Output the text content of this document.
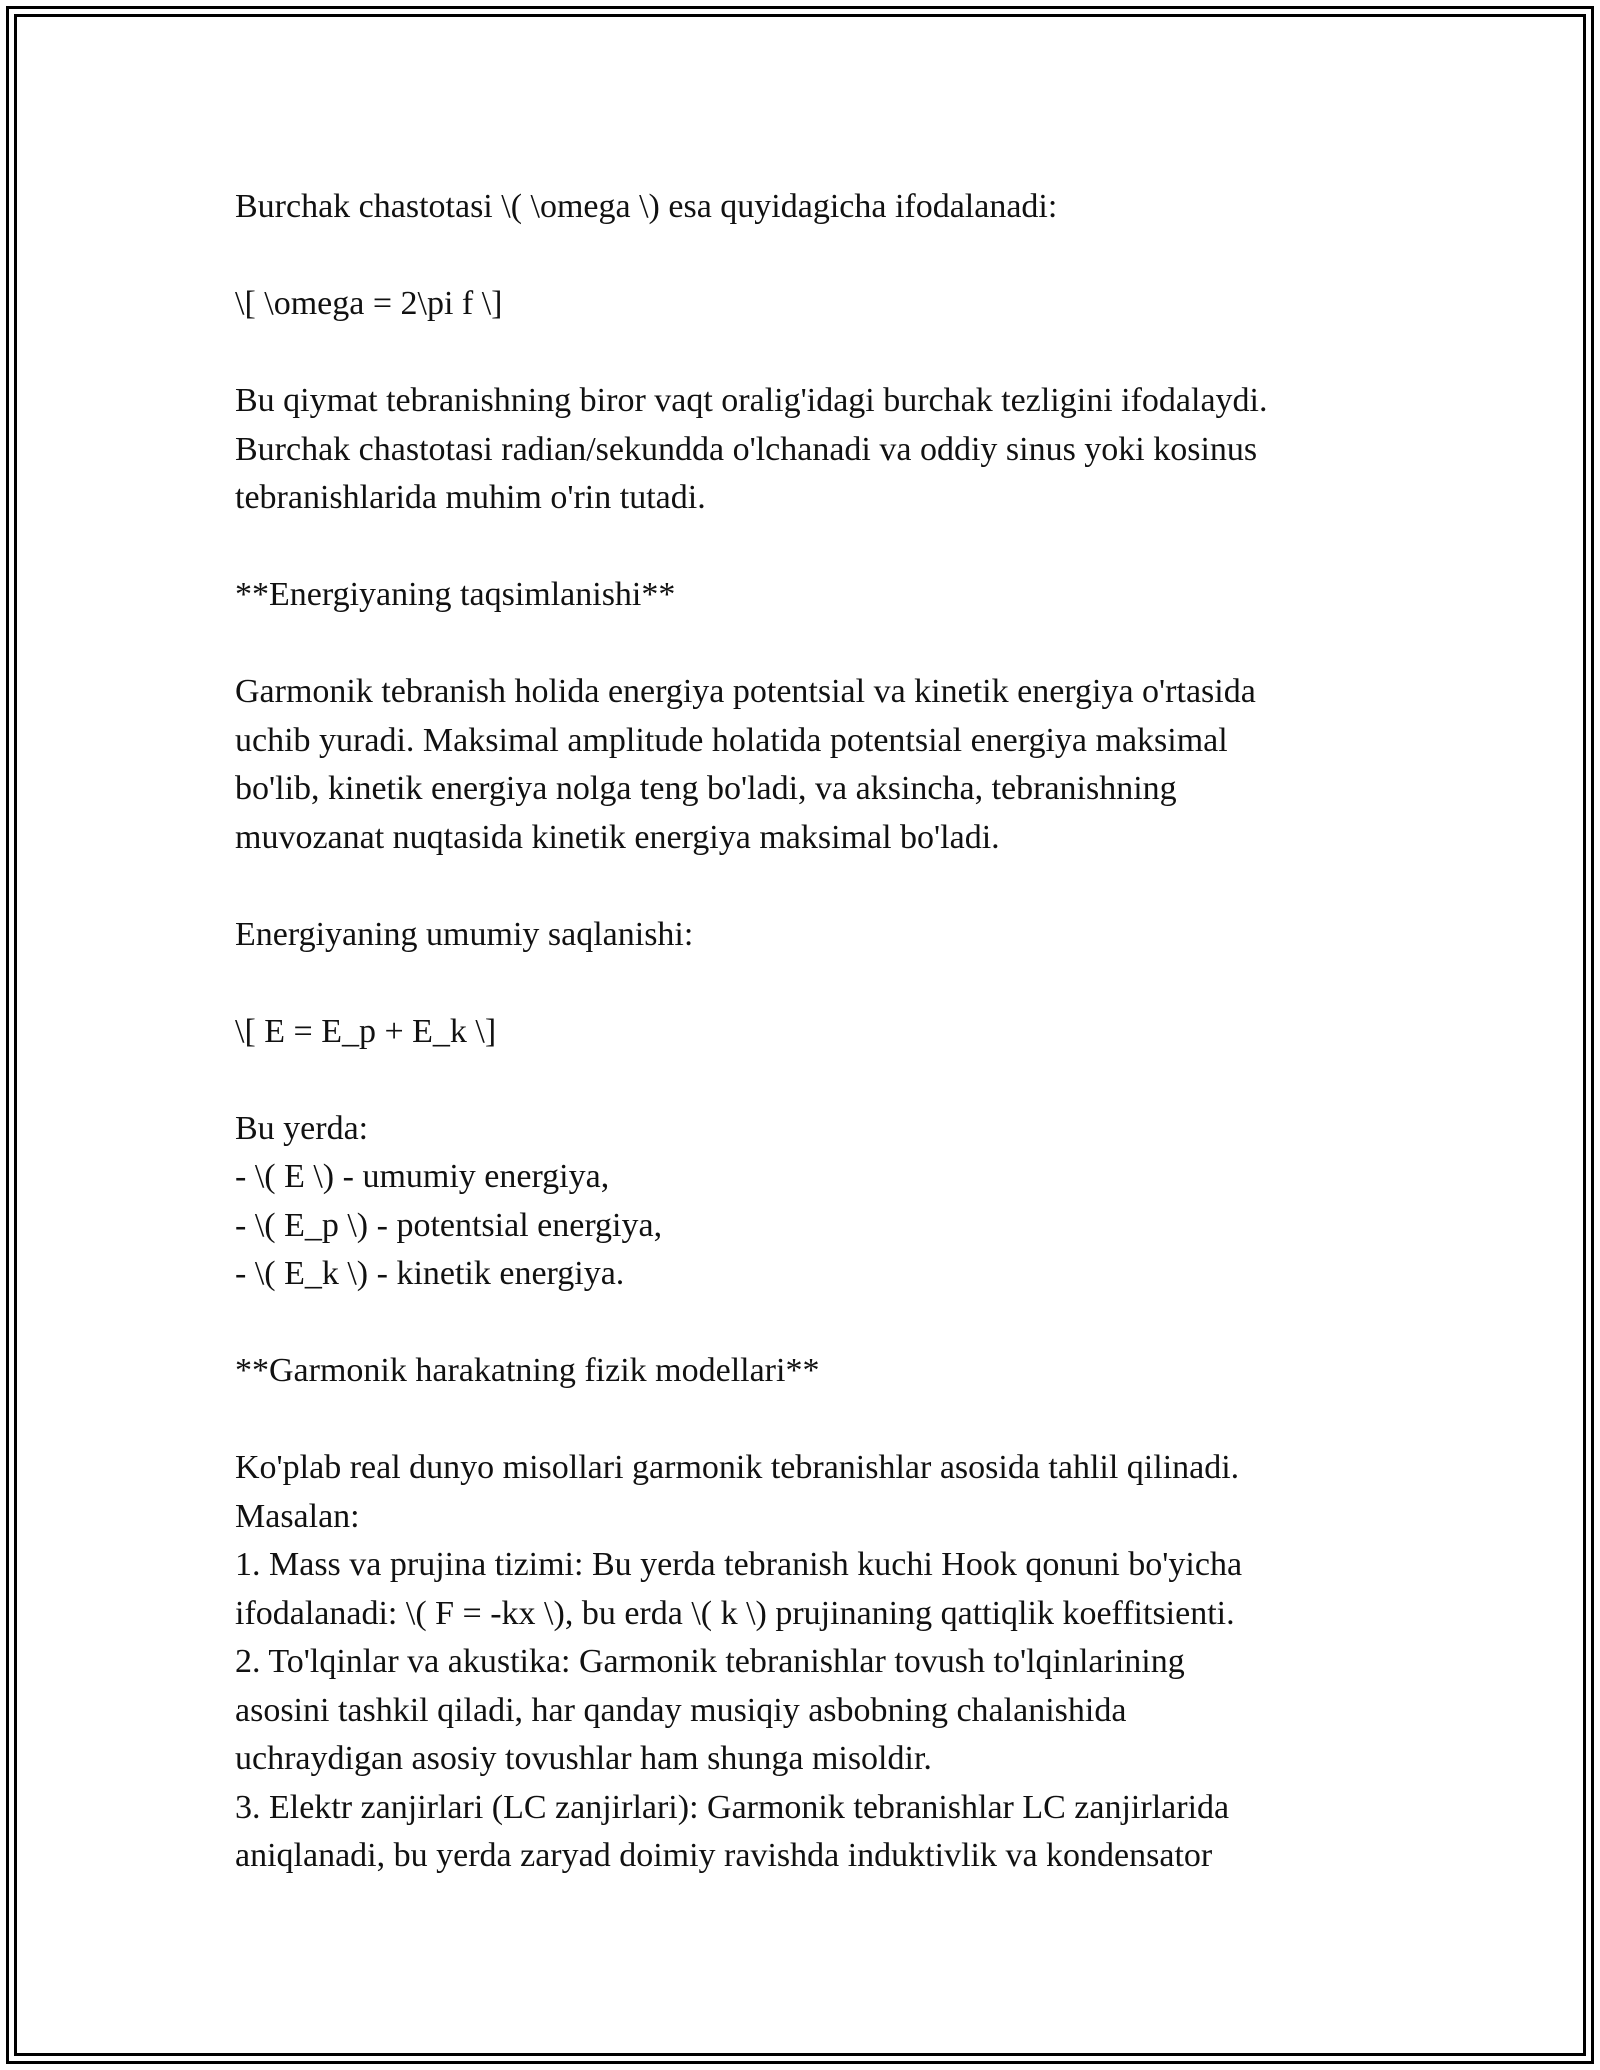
Burchak chastotasi \( \omega \) esa quyidagicha ifodalanadi:

\[ \omega = 2\pi f \]

Bu qiymat tebranishning biror vaqt oralig'idagi burchak tezligini ifodalaydi.
Burchak chastotasi radian/sekundda o'lchanadi va oddiy sinus yoki kosinus
tebranishlarida muhim o'rin tutadi.

**Energiyaning taqsimlanishi**

Garmonik tebranish holida energiya potentsial va kinetik energiya o'rtasida
uchib yuradi. Maksimal amplitude holatida potentsial energiya maksimal
bo'lib, kinetik energiya nolga teng bo'ladi, va aksincha, tebranishning
muvozanat nuqtasida kinetik energiya maksimal bo'ladi.

Energiyaning umumiy saqlanishi:

\[ E = E_p + E_k \]

Bu yerda:
- \( E \) - umumiy energiya,
- \( E_p \) - potentsial energiya,
- \( E_k \) - kinetik energiya.

**Garmonik harakatning fizik modellari**

Ko'plab real dunyo misollari garmonik tebranishlar asosida tahlil qilinadi.
Masalan:
1. Mass va prujina tizimi: Bu yerda tebranish kuchi Hook qonuni bo'yicha
ifodalanadi: \( F = -kx \), bu erda \( k \) prujinaning qattiqlik koeffitsienti.
2. To'lqinlar va akustika: Garmonik tebranishlar tovush to'lqinlarining
asosini tashkil qiladi, har qanday musiqiy asbobning chalanishida
uchraydigan asosiy tovushlar ham shunga misoldir.
3. Elektr zanjirlari (LC zanjirlari): Garmonik tebranishlar LC zanjirlarida
aniqlanadi, bu yerda zaryad doimiy ravishda induktivlik va kondensator
